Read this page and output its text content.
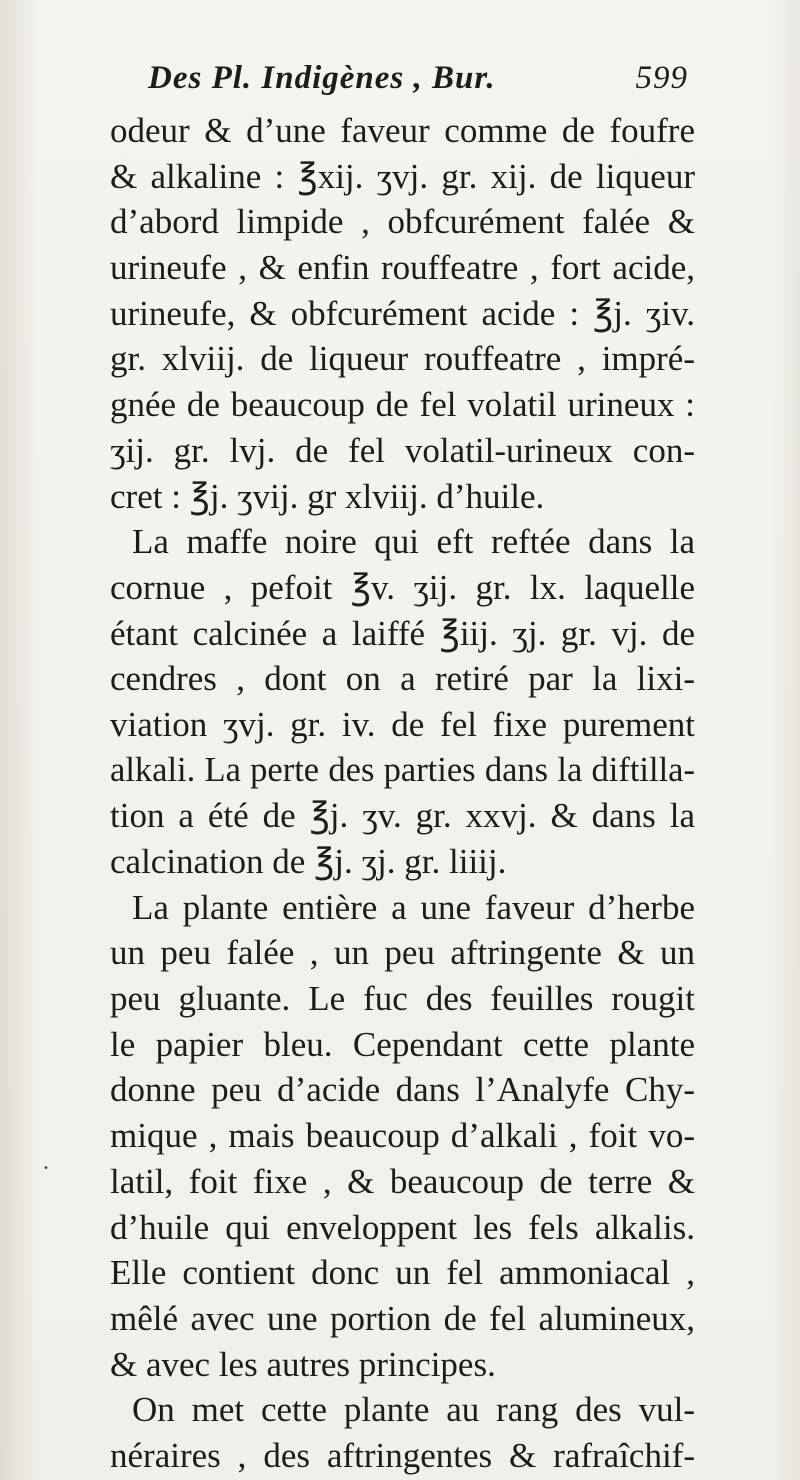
Des Pl. Indigènes , Bur.	599
odeur & d’une faveur comme de foufre
& alkaline : ℥xij. ʒvj. gr. xij. de liqueur
d’abord limpide , obfcurément falée &
urineufe , & enfin rouffeatre , fort acide,
urineufe, & obfcurément acide : ℥j. ʒiv.
gr. xlviij. de liqueur rouffeatre , impré-
gnée de beaucoup de fel volatil urineux :
ʒij. gr. lvj. de fel volatil-urineux con-
cret : ℥j. ʒvij. gr xlviij. d’huile.
La maffe noire qui eft reftée dans la
cornue , pefoit ℥v. ʒij. gr. lx. laquelle
étant calcinée a laiffé ℥iij. ʒj. gr. vj. de
cendres , dont on a retiré par la lixi-
viation ʒvj. gr. iv. de fel fixe purement
alkali. La perte des parties dans la diftilla-
tion a été de ℥j. ʒv. gr. xxvj. & dans la
calcination de ℥j. ʒj. gr. liiij.
La plante entière a une faveur d’herbe
un peu falée , un peu aftringente & un
peu gluante. Le fuc des feuilles rougit
le papier bleu. Cependant cette plante
donne peu d’acide dans l’Analyfe Chy-
mique , mais beaucoup d’alkali , foit vo-
latil, foit fixe , & beaucoup de terre &
d’huile qui enveloppent les fels alkalis.
Elle contient donc un fel ammoniacal ,
mêlé avec une portion de fel alumineux,
& avec les autres principes.
On met cette plante au rang des vul-
néraires , des aftringentes & rafraîchif-
•
